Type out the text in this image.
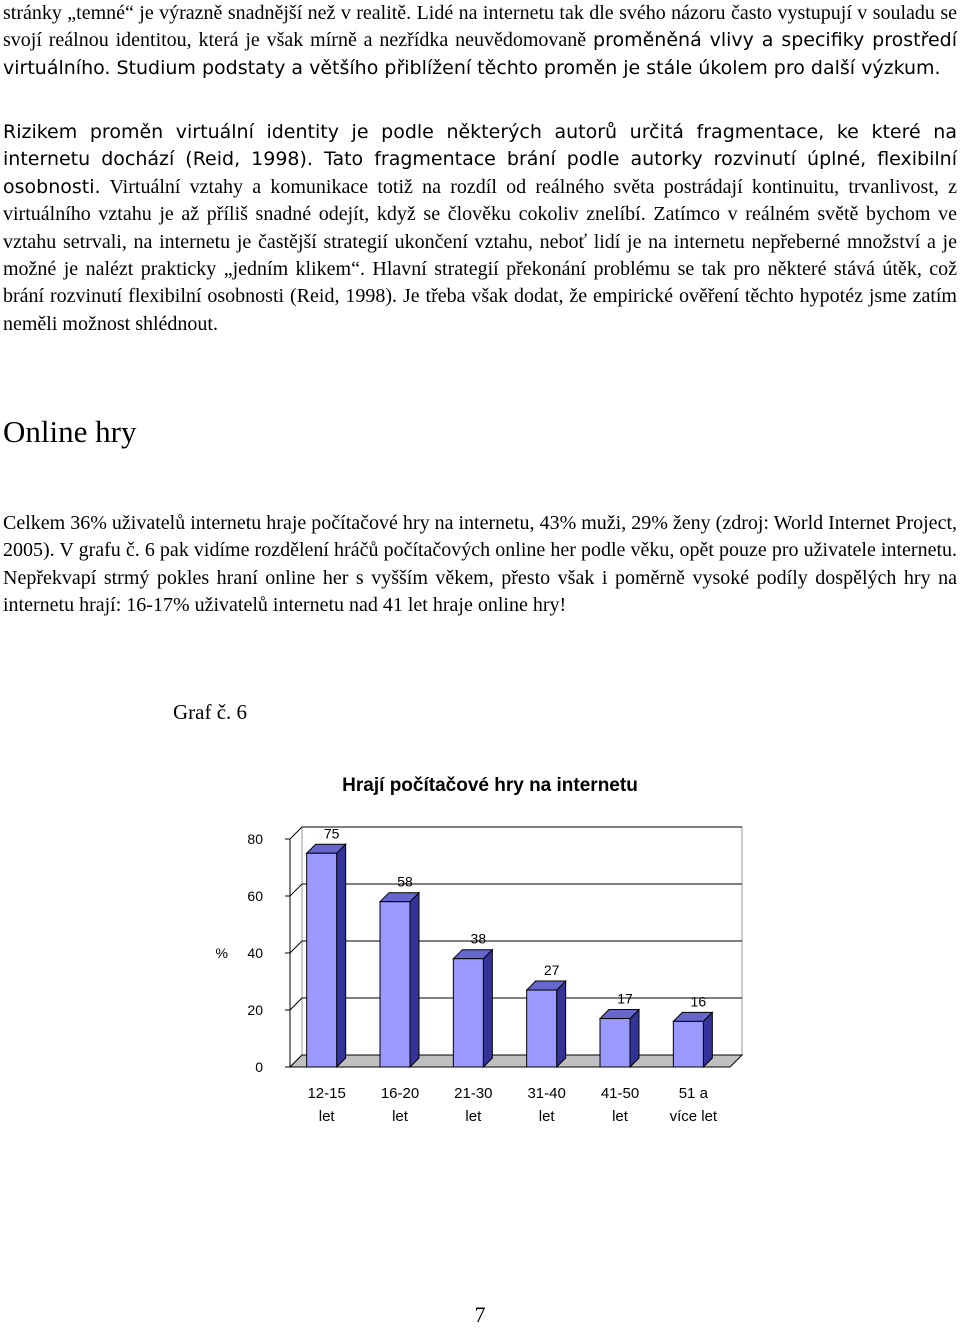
stránky „temné“ je výrazně snadnější než v realitě. Lidé na internetu tak dle svého názoru často vystupují v souladu se svojí reálnou identitou, která je však mírně a nezřídka neuvědomovaně proměněná vlivy a specifiky prostředí virtuálního. Studium podstaty a většího přiblížení těchto proměn je stále úkolem pro další výzkum.

Rizikem proměn virtuální identity je podle některých autorů určitá fragmentace, ke které na internetu dochází (Reid, 1998). Tato fragmentace brání podle autorky rozvinutí úplné, flexibilní osobnosti. Virtuální vztahy a komunikace totiž na rozdíl od reálného světa postrádají kontinuitu, trvanlivost, z virtuálního vztahu je až příliš snadné odejít, když se člověku cokoliv znelíbí. Zatímco v reálném světě bychom ve vztahu setrvali, na internetu je častější strategií ukončení vztahu, neboť lidí je na internetu nepřeberné množství a je možné je nalézt prakticky „jedním klikem“. Hlavní strategií překonání problému se tak pro některé stává útěk, což brání rozvinutí flexibilní osobnosti (Reid, 1998). Je třeba však dodat, že empirické ověření těchto hypotéz jsme zatím neměli možnost shlédnout.

Online hry

Celkem 36% uživatelů internetu hraje počítačové hry na internetu, 43% muži, 29% ženy (zdroj: World Internet Project, 2005). V grafu č. 6 pak vidíme rozdělení hráčů počítačových online her podle věku, opět pouze pro uživatele internetu. Nepřekvapí strmý pokles hraní online her s vyšším věkem, přesto však i poměrně vysoké podíly dospělých hry na internetu hrají: 16-17% uživatelů internetu nad 41 let hraje online hry!

Graf č. 6
Hrají počítačové hry na internetu
0
20
40
60
80
%
75
12-15
let
58
16-20
let
38
21-30
let
27
31-40
let
17
41-50
let
16
51 a
více let
7
